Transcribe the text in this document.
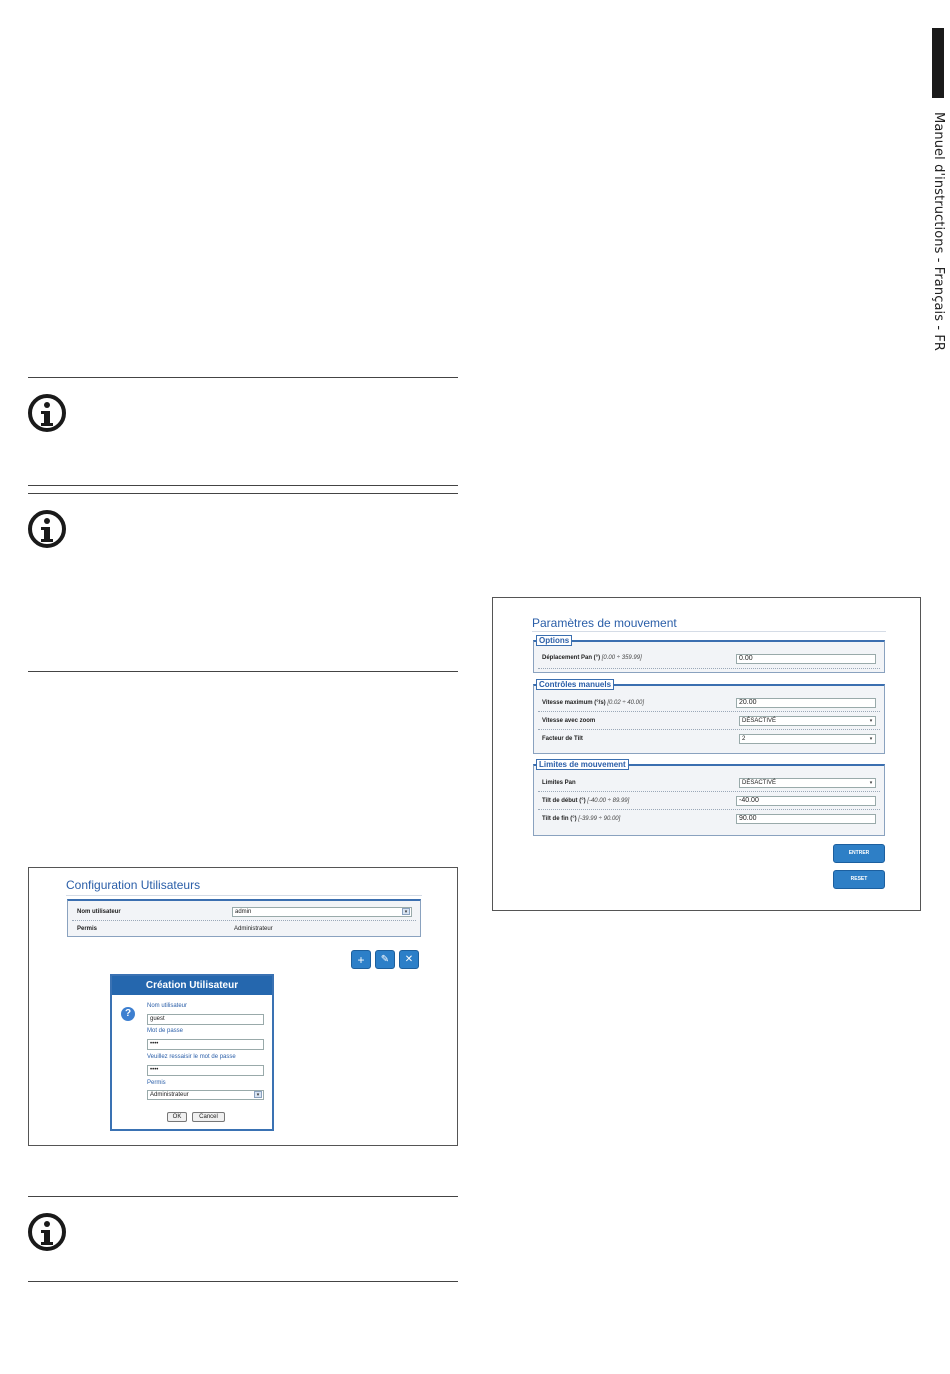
Manuel d'instructions - Français - FR
Configuration Utilisateurs
Nom utilisateur	admin	▾
Permis	Administrateur
+	✎	✕
Création Utilisateur
?
Nom utilisateur
guest
Mot de passe
••••
Veuillez ressaisir le mot de passe
••••
Permis
Administrateur	▾
OK	Cancel
Paramètres de mouvement
Déplacement Pan (°) [0.00 ÷ 359.99]	0.00
Options
Vitesse maximum (°/s) [0.02 ÷ 40.00]	20.00
Vitesse avec zoom	DÉSACTIVÉ	▾
Facteur de Tilt	2	▾
Contrôles manuels
Limites Pan	DÉSACTIVÉ	▾
Tilt de début (°) [-40.00 ÷ 89.99]	-40.00
Tilt de fin (°) [-39.99 ÷ 90.00]	90.00
Limites de mouvement
ENTRER
RESET
